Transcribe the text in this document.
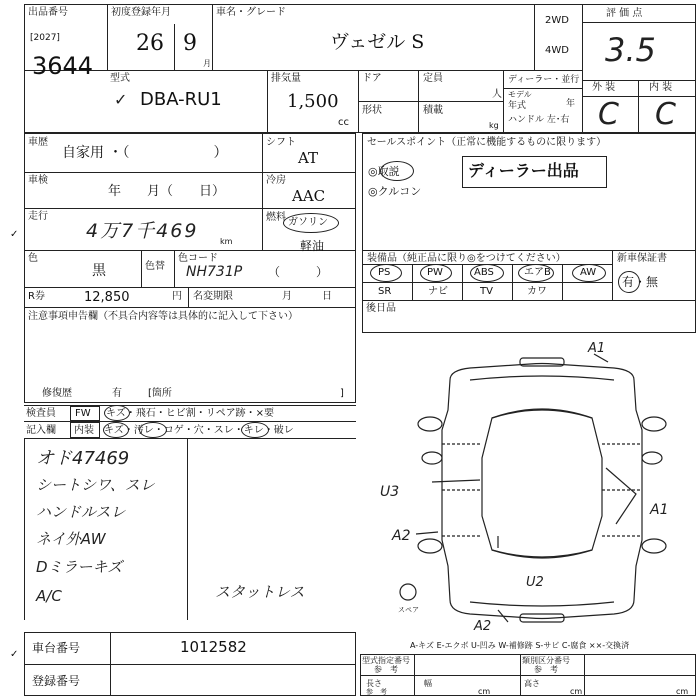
出品番号
[2027]
3644
初度登録年月
26 9
月
車名・グレード
ヴェゼル S
2WD
4WD
評 価 点
3.5
外 装	内 装
C C
型式
✓ DBA-RU1
排気量
1,500
cc
ドア	定員
人
形状	積載
kg
ディーラー・並行
モデル
年式	年
ハンドル 左･右
車歴
自家用 ・（　　　　　　）
車検
年　　月（　　日）
走行
4万7千469	km
色
黒	色替
色コード
NH731P （　　　）
R券	12,850	円 名変期限	月　　　日
シフト
AT
冷房
AAC
燃料 ガソリン
軽油
注意事項申告欄（不具合内容等は具体的に記入して下さい）
修復歴	有	[箇所	]
セールスポイント（正常に機能するものに限ります）
◎取説
◎クルコン
ディーラー出品
装備品（純正品に限り◎をつけてください）	新車保証書
有・無
PS	PW	ABS	エアB	AW
SR	ナビ	TV	カワ
後日品
検査員
記入欄
FW キズ・飛石・ヒビ割・リペア跡・×要
内装 キズ・汚レ・コゲ・穴・スレ・キレ・破レ
オド47469
シートシワ、スレ
ハンドルスレ
ネイ外AW
Dミラーキズ
A/C	スタットレス
A1
A1
U3
A2
U2
A2
スペア
A-キズ E-エクボ U-凹み W-補修跡 S-サビ C-腐食 ××-交換済
車台番号	1012582
登録番号
型式指定番号
参　考
類別区分番号
参　考
長さ
参　考	cm
幅	高さ
cm	cm
✓
✓
